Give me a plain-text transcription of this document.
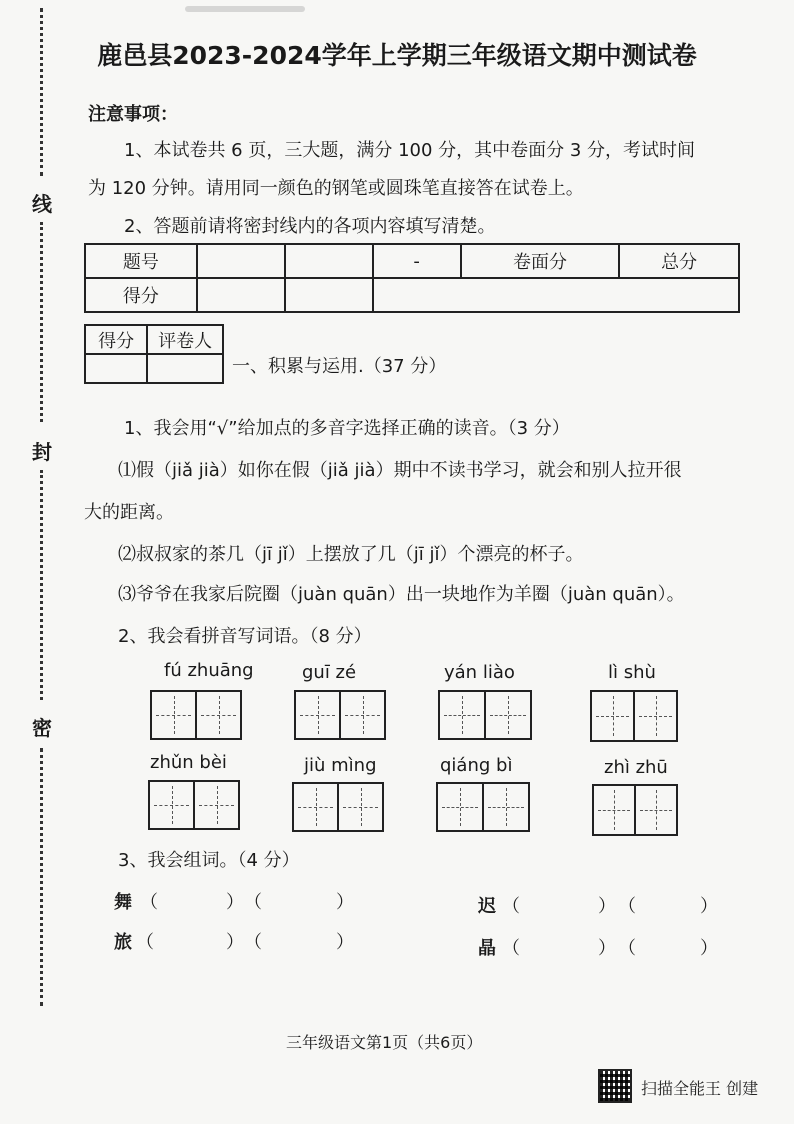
线
封
密
鹿邑县2023-2024学年上学期三年级语文期中测试卷
注意事项：
1、本试卷共 6 页，三大题，满分 100 分，其中卷面分 3 分，考试时间
为 120 分钟。请用同一颜色的钢笔或圆珠笔直接答在试卷上。
2、答题前请将密封线内的各项内容填写清楚。
题号			-	卷面分	总分
得分					
得分	评卷人

一、积累与运用.（37 分）
1、我会用“√”给加点的多音字选择正确的读音。（3 分）
⑴假（jiǎ jià）如你在假（jiǎ jià）期中不读书学习，就会和别人拉开很
大的距离。
⑵叔叔家的茶几（jī jǐ）上摆放了几（jī jǐ）个漂亮的杯子。
⑶爷爷在我家后院圈（juàn quān）出一块地作为羊圈（juàn quān）。
2、我会看拼音写词语。（8 分）
fú zhuāng	guī zé	yán liào	lì shù
zhǔn bèi	jiù mìng	qiáng bì	zhì zhū
3、我会组词。（4 分）
舞 （	） （	）	迟 （	） （	）
旅 （	） （	）	晶 （	） （	）
三年级语文第1页（共6页）
扫描全能王 创建
